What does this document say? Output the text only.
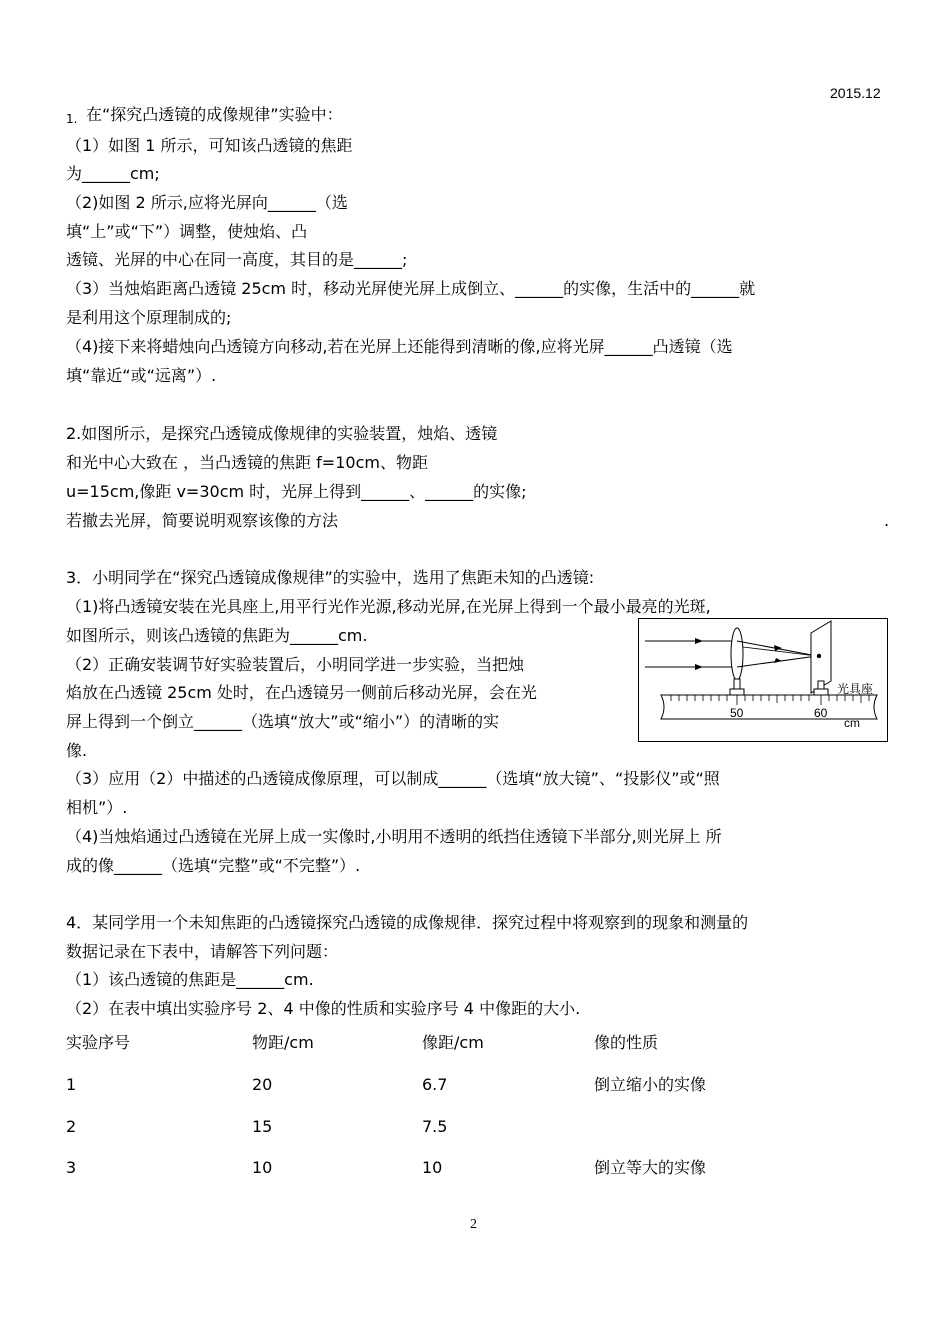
2015.12
1. 在“探究凸透镜的成像规律”实验中：
（1）如图 1 所示，可知该凸透镜的焦距
为______cm;
（2)如图 2 所示,应将光屏向______（选
填“上”或“下”）调整，使烛焰、凸
透镜、光屏的中心在同一高度，其目的是______;
（3）当烛焰距离凸透镜 25cm 时，移动光屏使光屏上成倒立、______的实像，生活中的______就
是利用这个原理制成的;
（4)接下来将蜡烛向凸透镜方向移动,若在光屏上还能得到清晰的像,应将光屏______凸透镜（选
填“靠近“或“远离”）.
2.如图所示，是探究凸透镜成像规律的实验装置，烛焰、透镜
和光中心大致在 ，当凸透镜的焦距 f=10cm、物距
u=15cm,像距 v=30cm 时，光屏上得到______、______的实像;
若撤去光屏，简要说明观察该像的方法	.
3．小明同学在“探究凸透镜成像规律”的实验中，选用了焦距未知的凸透镜:
（1)将凸透镜安装在光具座上,用平行光作光源,移动光屏,在光屏上得到一个最小最亮的光斑,
如图所示，则该凸透镜的焦距为______cm.
（2）正确安装调节好实验装置后，小明同学进一步实验，当把烛
焰放在凸透镜 25cm 处时，在凸透镜另一侧前后移动光屏，会在光
屏上得到一个倒立______（选填“放大”或“缩小”）的清晰的实
像.
（3）应用（2）中描述的凸透镜成像原理，可以制成______（选填“放大镜”、“投影仪”或“照
相机”）.
（4)当烛焰通过凸透镜在光屏上成一实像时,小明用不透明的纸挡住透镜下半部分,则光屏上 所
成的像______（选填“完整”或“不完整”）.
50	60
cm
光具座
4．某同学用一个未知焦距的凸透镜探究凸透镜的成像规律．探究过程中将观察到的现象和测量的
数据记录在下表中，请解答下列问题：
（1）该凸透镜的焦距是______cm.
（2）在表中填出实验序号 2、4 中像的性质和实验序号 4 中像距的大小.
实验序号	物距/cm	像距/cm	像的性质
1	20	6.7	倒立缩小的实像
2	15	7.5
3	10	10	倒立等大的实像
2
